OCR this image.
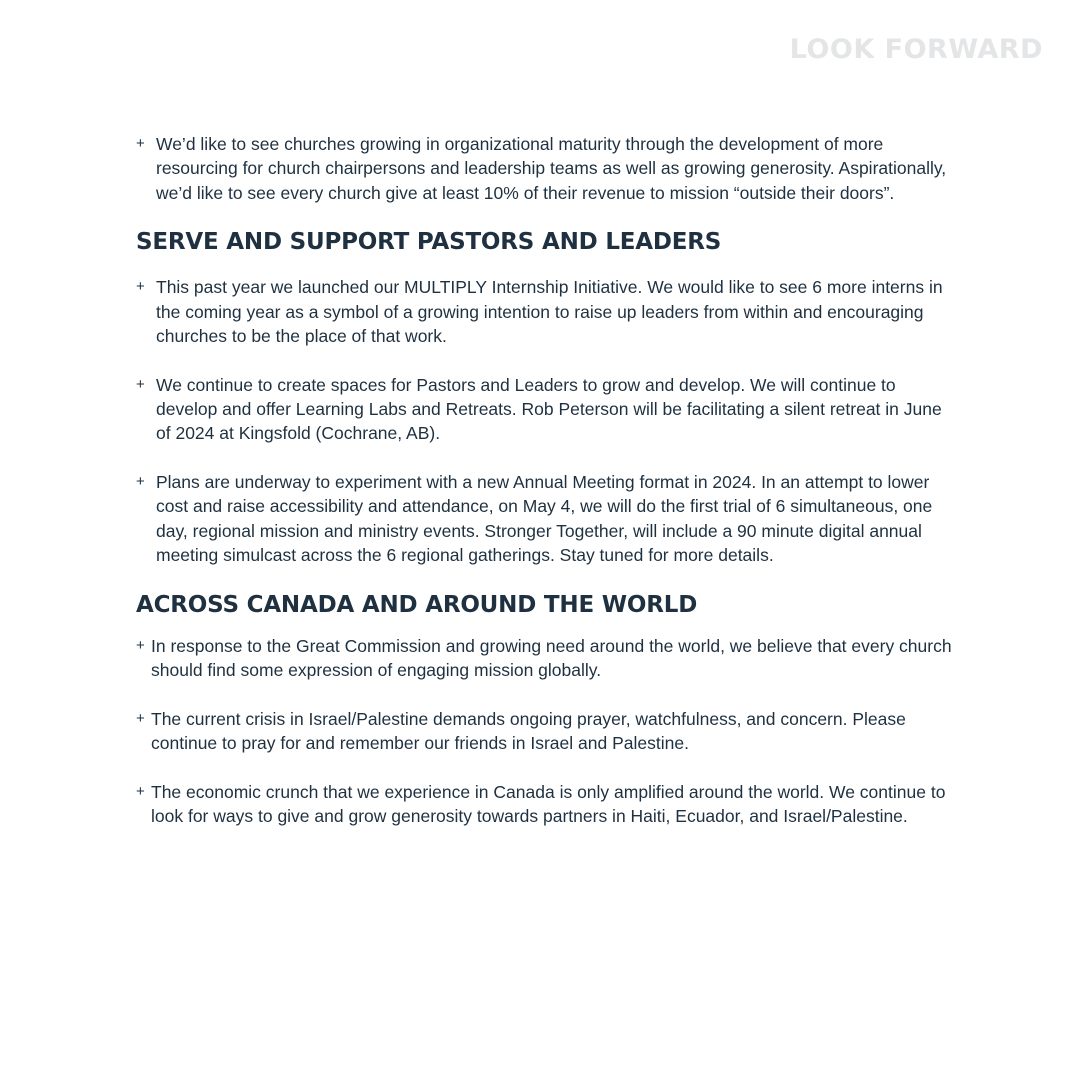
LOOK FORWARD
+ We’d like to see churches growing in organizational maturity through the development of more resourcing for church chairpersons and leadership teams as well as growing generosity. Aspirationally, we’d like to see every church give at least 10% of their revenue to mission “outside their doors”.
SERVE AND SUPPORT PASTORS AND LEADERS
+ This past year we launched our MULTIPLY Internship Initiative. We would like to see 6 more interns in the coming year as a symbol of a growing intention to raise up leaders from within and encouraging churches to be the place of that work.
+ We continue to create spaces for Pastors and Leaders to grow and develop. We will continue to develop and offer Learning Labs and Retreats. Rob Peterson will be facilitating a silent retreat in June of 2024 at Kingsfold (Cochrane, AB).
+ Plans are underway to experiment with a new Annual Meeting format in 2024. In an attempt to lower cost and raise accessibility and attendance, on May 4, we will do the first trial of 6 simultaneous, one day, regional mission and ministry events. Stronger Together, will include a 90 minute digital annual meeting simulcast across the 6 regional gatherings. Stay tuned for more details.
ACROSS CANADA AND AROUND THE WORLD
+ In response to the Great Commission and growing need around the world, we believe that every church should find some expression of engaging mission globally.
+ The current crisis in Israel/Palestine demands ongoing prayer, watchfulness, and concern. Please continue to pray for and remember our friends in Israel and Palestine.
+ The economic crunch that we experience in Canada is only amplified around the world. We continue to look for ways to give and grow generosity towards partners in Haiti, Ecuador, and Israel/Palestine.
